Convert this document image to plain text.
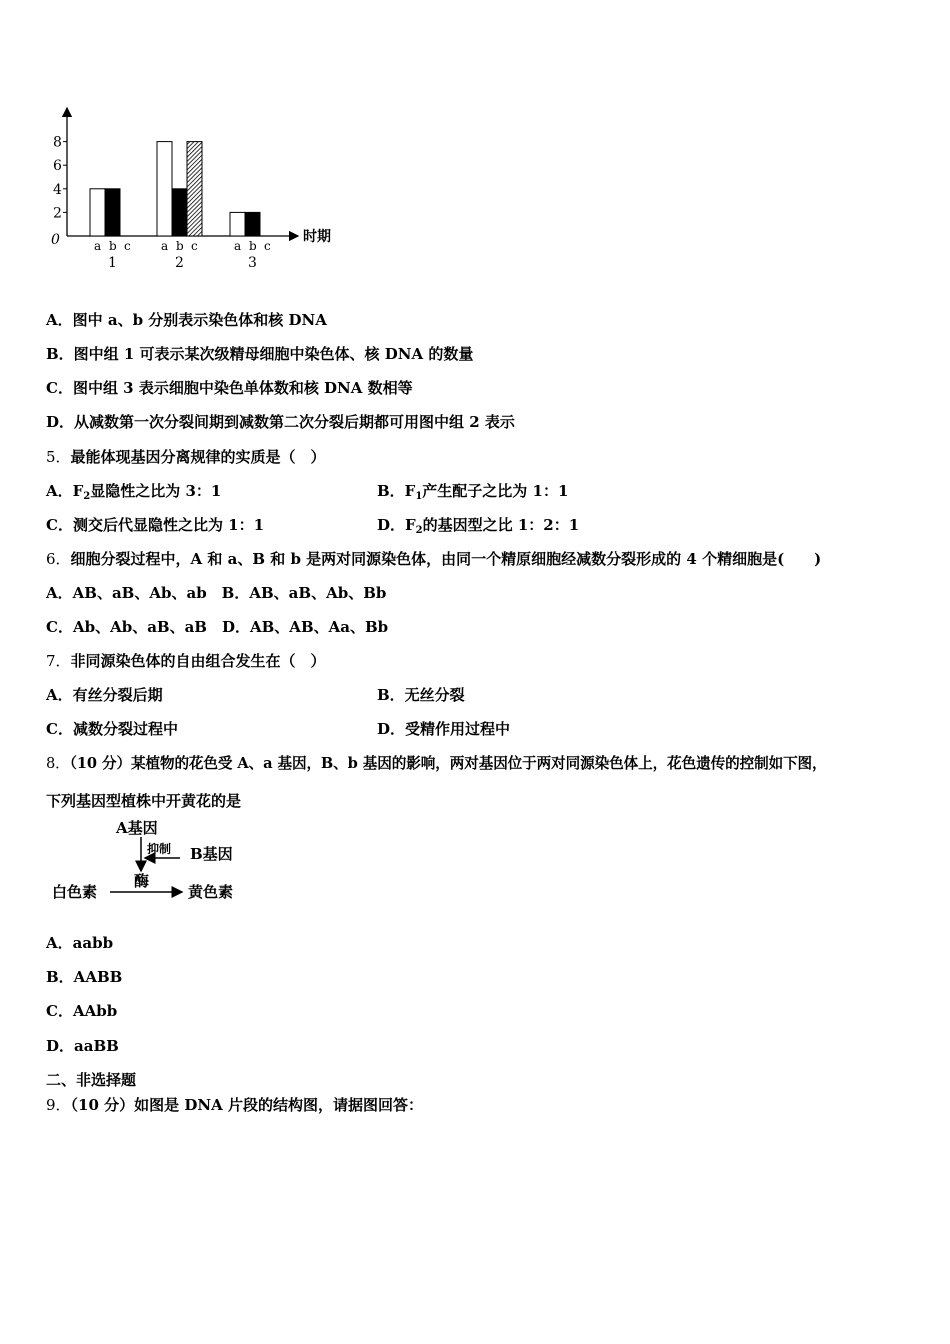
0
2
4
6
8
时期
a b c
1
a b c
2
a b c
3
A．图中 a、b 分别表示染色体和核 DNA
B．图中组 1 可表示某次级精母细胞中染色体、核 DNA 的数量
C．图中组 3 表示细胞中染色单体数和核 DNA 数相等
D．从减数第一次分裂间期到减数第二次分裂后期都可用图中组 2 表示
5．最能体现基因分离规律的实质是（　）
A．$F_2$显隐性之比为 3：1	B．$F_1$产生配子之比为 1：1
C．测交后代显隐性之比为 1：1	D．$F_2$的基因型之比 1：2：1
6．细胞分裂过程中，A 和 a、B 和 b 是两对同源染色体，由同一个精原细胞经减数分裂形成的 4 个精细胞是(　　)
A．AB、aB、Ab、ab　B．AB、aB、Ab、Bb
C．Ab、Ab、aB、aB　D．AB、AB、Aa、Bb
7．非同源染色体的自由组合发生在（　）
A．有丝分裂后期	B．无丝分裂
C．减数分裂过程中	D．受精作用过程中
8．（10 分）某植物的花色受 A、a 基因，B、b 基因的影响，两对基因位于两对同源染色体上，花色遗传的控制如下图，
下列基因型植株中开黄花的是
A基因
抑制 B基因
酶
白色素	黄色素
A．aabb
B．AABB
C．AAbb
D．aaBB
二、非选择题
9．（10 分）如图是 DNA 片段的结构图，请据图回答：
